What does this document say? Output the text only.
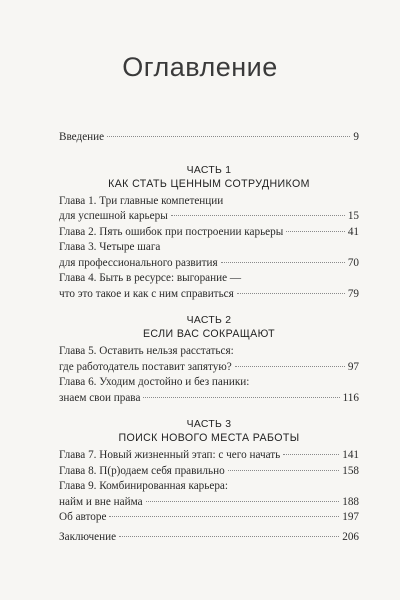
Оглавление
Введение	9
ЧАСТЬ 1
КАК СТАТЬ ЦЕННЫМ СОТРУДНИКОМ
Глава 1. Три главные компетенции
для успешной карьеры	15
Глава 2. Пять ошибок при построении карьеры	41
Глава 3. Четыре шага
для профессионального развития	70
Глава 4. Быть в ресурсе: выгорание —
что это такое и как с ним справиться	79
ЧАСТЬ 2
ЕСЛИ ВАС СОКРАЩАЮТ
Глава 5. Оставить нельзя расстаться:
где работодатель поставит запятую?	97
Глава 6. Уходим достойно и без паники:
знаем свои права	116
ЧАСТЬ 3
ПОИСК НОВОГО МЕСТА РАБОТЫ
Глава 7. Новый жизненный этап: с чего начать	141
Глава 8. П(р)одаем себя правильно	158
Глава 9. Комбинированная карьера:
найм и вне найма	188
Об авторе	197
Заключение	206
